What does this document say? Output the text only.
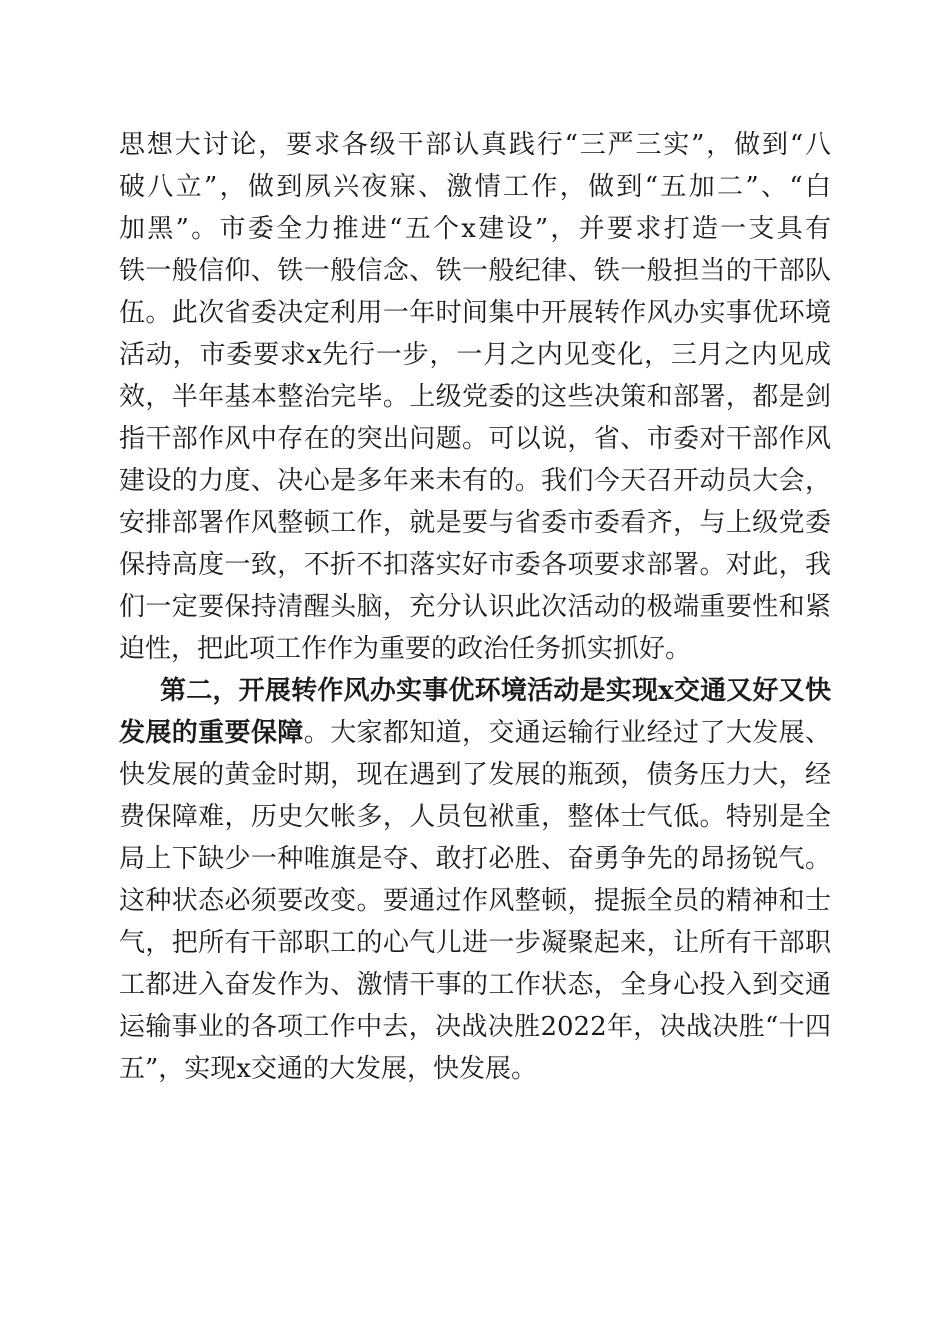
思想大讨论，要求各级干部认真践行“三严三实”，做到“八
破八立”，做到夙兴夜寐、激情工作，做到“五加二”、“白
加黑”。市委全力推进“五个x建设”，并要求打造一支具有
铁一般信仰、铁一般信念、铁一般纪律、铁一般担当的干部队
伍。此次省委决定利用一年时间集中开展转作风办实事优环境
活动，市委要求x先行一步，一月之内见变化，三月之内见成
效，半年基本整治完毕。上级党委的这些决策和部署，都是剑
指干部作风中存在的突出问题。可以说，省、市委对干部作风
建设的力度、决心是多年来未有的。我们今天召开动员大会，
安排部署作风整顿工作，就是要与省委市委看齐，与上级党委
保持高度一致，不折不扣落实好市委各项要求部署。对此，我
们一定要保持清醒头脑，充分认识此次活动的极端重要性和紧
迫性，把此项工作作为重要的政治任务抓实抓好。
第二，开展转作风办实事优环境活动是实现x交通又好又快
发展的重要保障。大家都知道，交通运输行业经过了大发展、
快发展的黄金时期，现在遇到了发展的瓶颈，债务压力大，经
费保障难，历史欠帐多，人员包袱重，整体士气低。特别是全
局上下缺少一种唯旗是夺、敢打必胜、奋勇争先的昂扬锐气。
这种状态必须要改变。要通过作风整顿，提振全员的精神和士
气，把所有干部职工的心气儿进一步凝聚起来，让所有干部职
工都进入奋发作为、激情干事的工作状态，全身心投入到交通
运输事业的各项工作中去，决战决胜2022年，决战决胜“十四
五”，实现x交通的大发展，快发展。
